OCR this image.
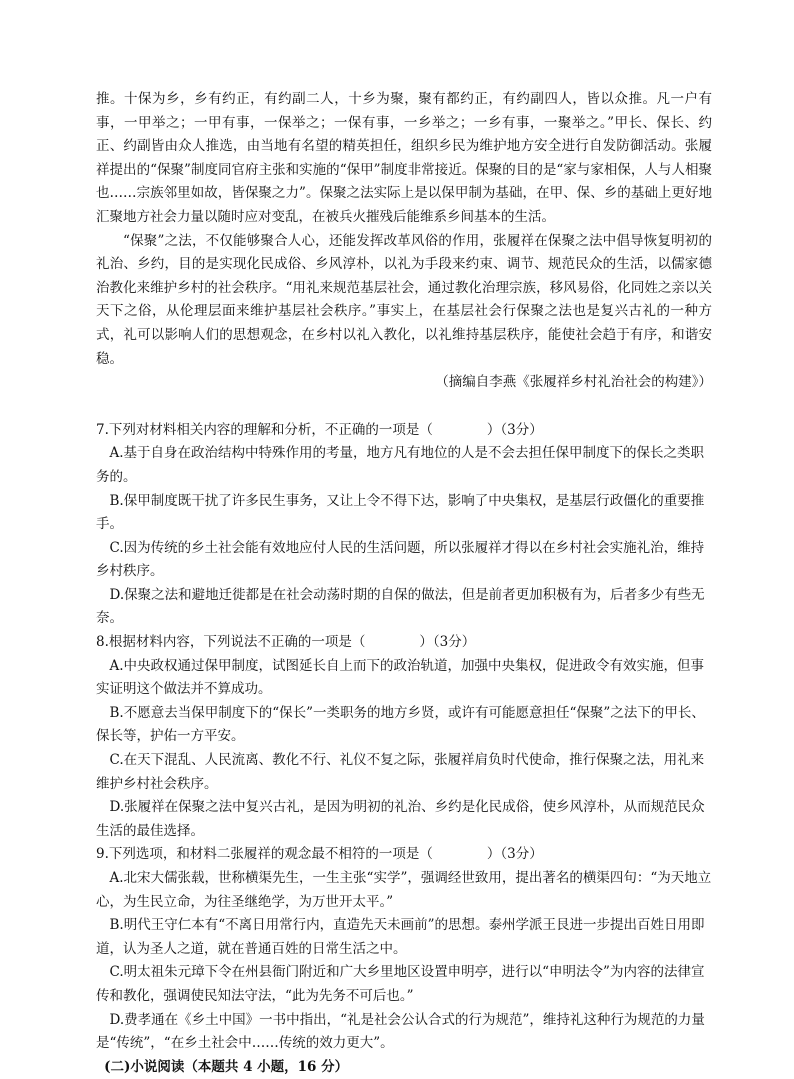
推。十保为乡，乡有约正，有约副二人，十乡为聚，聚有都约正，有约副四人，皆以众推。凡一户有事，一甲举之；一甲有事，一保举之；一保有事，一乡举之；一乡有事，一聚举之。”甲长、保长、约正、约副皆由众人推选，由当地有名望的精英担任，组织乡民为维护地方安全进行自发防御活动。张履祥提出的“保聚”制度同官府主张和实施的“保甲”制度非常接近。保聚的目的是“家与家相保，人与人相聚也……宗族邻里如故，皆保聚之力”。保聚之法实际上是以保甲制为基础，在甲、保、乡的基础上更好地汇聚地方社会力量以随时应对变乱，在被兵火摧残后能维系乡间基本的生活。

“保聚”之法，不仅能够聚合人心，还能发挥改革风俗的作用，张履祥在保聚之法中倡导恢复明初的礼治、乡约，目的是实现化民成俗、乡风淳朴，以礼为手段来约束、调节、规范民众的生活，以儒家德治教化来维护乡村的社会秩序。“用礼来规范基层社会，通过教化治理宗族，移风易俗，化同姓之亲以关天下之俗，从伦理层面来维护基层社会秩序。”事实上，在基层社会行保聚之法也是复兴古礼的一种方式，礼可以影响人们的思想观念，在乡村以礼入教化，以礼维持基层秩序，能使社会趋于有序，和谐安稳。

（摘编自李燕《张履祥乡村礼治社会的构建》）

7.下列对材料相关内容的理解和分析，不正确的一项是（　　　　）（3分）

A.基于自身在政治结构中特殊作用的考量，地方凡有地位的人是不会去担任保甲制度下的保长之类职务的。

B.保甲制度既干扰了许多民生事务，又让上令不得下达，影响了中央集权，是基层行政僵化的重要推手。

C.因为传统的乡土社会能有效地应付人民的生活问题，所以张履祥才得以在乡村社会实施礼治，维持乡村秩序。

D.保聚之法和避地迁徙都是在社会动荡时期的自保的做法，但是前者更加积极有为，后者多少有些无奈。

8.根据材料内容，下列说法不正确的一项是（　　　　）（3分）

A.中央政权通过保甲制度，试图延长自上而下的政治轨道，加强中央集权，促进政令有效实施，但事实证明这个做法并不算成功。

B.不愿意去当保甲制度下的“保长”一类职务的地方乡贤，或许有可能愿意担任“保聚”之法下的甲长、保长等，护佑一方平安。

C.在天下混乱、人民流离、教化不行、礼仪不复之际，张履祥肩负时代使命，推行保聚之法，用礼来维护乡村社会秩序。

D.张履祥在保聚之法中复兴古礼，是因为明初的礼治、乡约是化民成俗，使乡风淳朴，从而规范民众生活的最佳选择。

9.下列选项，和材料二张履祥的观念最不相符的一项是（　　　　）（3分）

A.北宋大儒张载，世称横渠先生，一生主张“实学”，强调经世致用，提出著名的横渠四句：“为天地立心，为生民立命，为往圣继绝学，为万世开太平。”

B.明代王守仁本有“不离日用常行内，直造先天未画前”的思想。泰州学派王艮进一步提出百姓日用即道，认为圣人之道，就在普通百姓的日常生活之中。

C.明太祖朱元璋下令在州县衙门附近和广大乡里地区设置申明亭，进行以“申明法令”为内容的法律宣传和教化，强调使民知法守法，“此为先务不可后也。”

D.费孝通在《乡土中国》一书中指出，“礼是社会公认合式的行为规范”，维持礼这种行为规范的力量是“传统”，“在乡土社会中……传统的效力更大”。

(二)小说阅读（本题共 4 小题，16 分）
